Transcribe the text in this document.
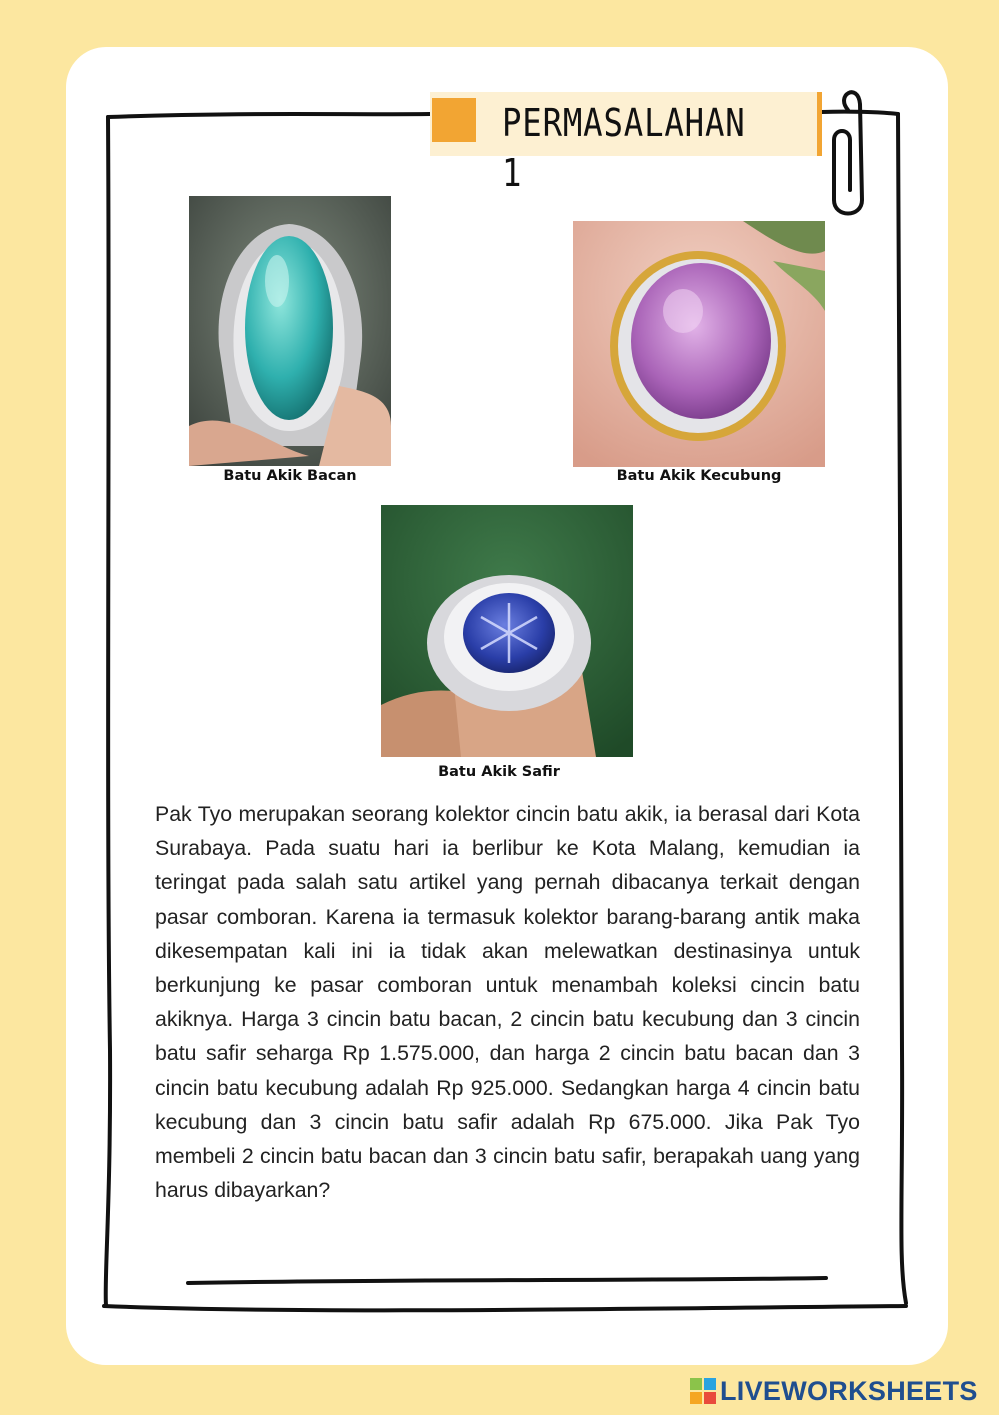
PERMASALAHAN 1
Batu Akik Bacan	Batu Akik Kecubung
Batu Akik Safir

Pak Tyo merupakan seorang kolektor cincin batu akik, ia berasal dari Kota Surabaya. Pada suatu hari ia berlibur ke Kota Malang, kemudian ia teringat pada salah satu artikel yang pernah dibacanya terkait dengan pasar comboran. Karena ia termasuk kolektor barang-barang antik maka dikesempatan kali ini ia tidak akan melewatkan destinasinya untuk berkunjung ke pasar comboran untuk menambah koleksi cincin batu akiknya. Harga 3 cincin batu bacan, 2 cincin batu kecubung dan 3 cincin batu safir seharga Rp 1.575.000, dan harga 2 cincin batu bacan dan 3 cincin batu kecubung adalah Rp 925.000. Sedangkan harga 4 cincin batu kecubung dan 3 cincin batu safir adalah Rp 675.000. Jika Pak Tyo membeli 2 cincin batu bacan dan 3 cincin batu safir, berapakah uang yang harus dibayarkan?

LIVEWORKSHEETS
